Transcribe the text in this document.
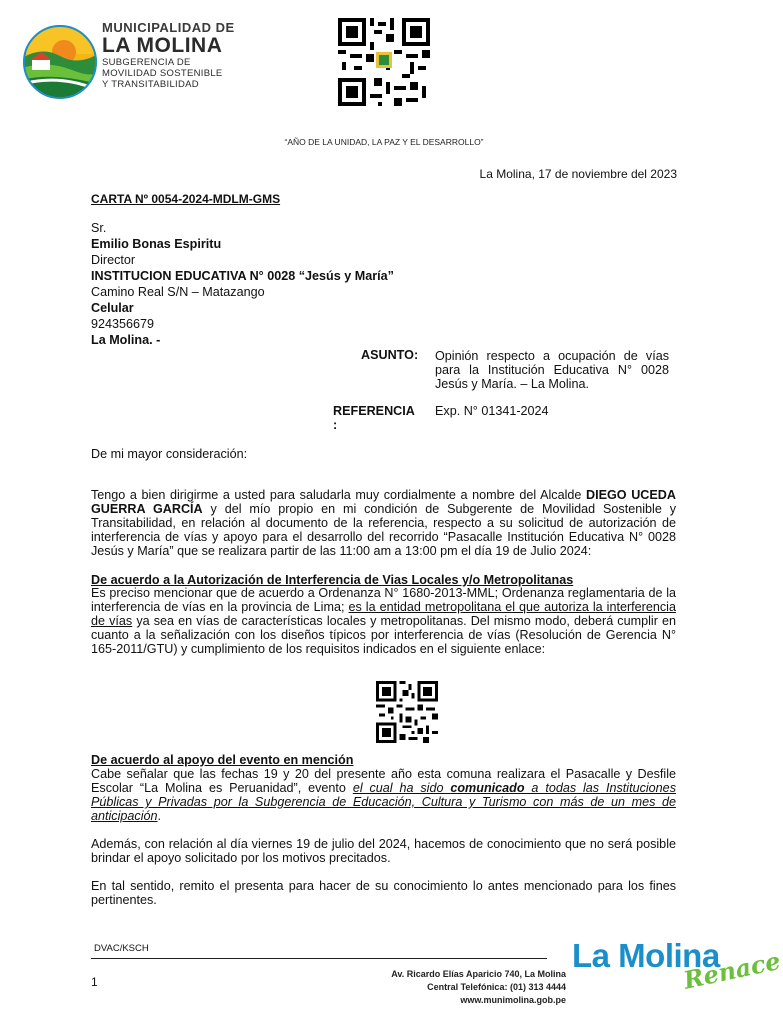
MUNICIPALIDAD DE
LA MOLINA
SUBGERENCIA DE
MOVILIDAD SOSTENIBLE
Y TRANSITABILIDAD
“AÑO DE LA UNIDAD, LA PAZ Y EL DESARROLLO”
La Molina, 17 de noviembre del 2023
CARTA Nº 0054-2024-MDLM-GMS
Sr.
Emilio Bonas Espiritu
Director
INSTITUCION EDUCATIVA N° 0028 “Jesús y María”
Camino Real S/N – Matazango
Celular
924356679
La Molina. -
ASUNTO: Opinión respecto a ocupación de vías para la Institución Educativa N° 0028 Jesús y María. – La Molina.
REFERENCIA
:
Exp. N° 01341-2024
De mi mayor consideración:
Tengo a bien dirigirme a usted para saludarla muy cordialmente a nombre del Alcalde DIEGO UCEDA GUERRA GARCÍA y del mío propio en mi condición de Subgerente de Movilidad Sostenible y Transitabilidad, en relación al documento de la referencia, respecto a su solicitud de autorización de interferencia de vías y apoyo para el desarrollo del recorrido “Pasacalle Institución Educativa N° 0028 Jesús y María” que se realizara partir de las 11:00 am a 13:00 pm el día 19 de Julio 2024:
De acuerdo a la Autorización de Interferencia de Vias Locales y/o Metropolitanas
Es preciso mencionar que de acuerdo a Ordenanza N° 1680-2013-MML; Ordenanza reglamentaria de la interferencia de vías en la provincia de Lima; es la entidad metropolitana el que autoriza la interferencia de vías ya sea en vías de características locales y metropolitanas. Del mismo modo, deberá cumplir en cuanto a la señalización con los diseños típicos por interferencia de vías (Resolución de Gerencia N° 165-2011/GTU) y cumplimiento de los requisitos indicados en el siguiente enlace:
De acuerdo al apoyo del evento en mención
Cabe señalar que las fechas 19 y 20 del presente año esta comuna realizara el Pasacalle y Desfile Escolar “La Molina es Peruanidad”, evento el cual ha sido comunicado a todas las Instituciones Públicas y Privadas por la Subgerencia de Educación, Cultura y Turismo con más de un mes de anticipación.
Además, con relación al día viernes 19 de julio del 2024, hacemos de conocimiento que no será posible brindar el apoyo solicitado por los motivos precitados.
En tal sentido, remito el presenta para hacer de su conocimiento lo antes mencionado para los fines pertinentes.
DVAC/KSCH
1
Av. Ricardo Elías Aparicio 740, La Molina
Central Telefónica: (01) 313 4444
www.munimolina.gob.pe
La Molina
Renace
